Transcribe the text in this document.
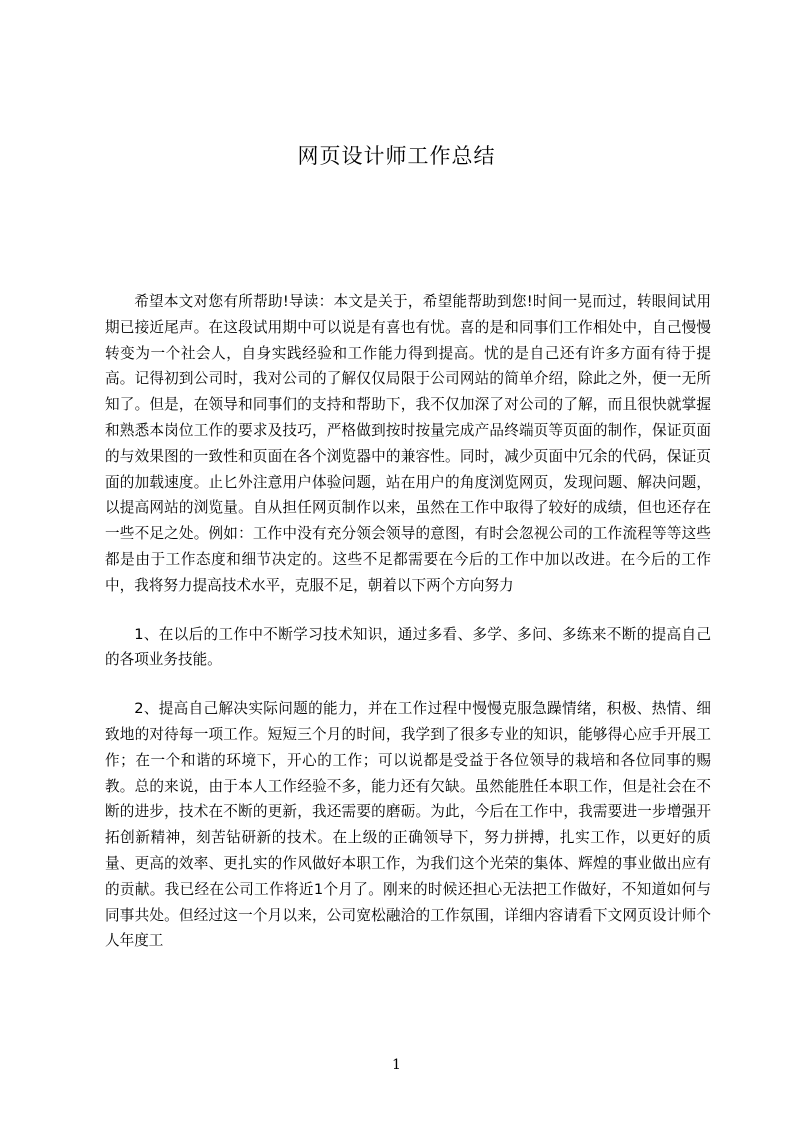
网页设计师工作总结

希望本文对您有所帮助!导读：本文是关于，希望能帮助到您!时间一晃而过，转眼间试用期已接近尾声。在这段试用期中可以说是有喜也有忧。喜的是和同事们工作相处中，自己慢慢转变为一个社会人，自身实践经验和工作能力得到提高。忧的是自己还有许多方面有待于提高。记得初到公司时，我对公司的了解仅仅局限于公司网站的简单介绍，除此之外，便一无所知了。但是，在领导和同事们的支持和帮助下，我不仅加深了对公司的了解，而且很快就掌握和熟悉本岗位工作的要求及技巧，严格做到按时按量完成产品终端页等页面的制作，保证页面的与效果图的一致性和页面在各个浏览器中的兼容性。同时，减少页面中冗余的代码，保证页面的加载速度。止匕外注意用户体验问题，站在用户的角度浏览网页，发现问题、解决问题，以提高网站的浏览量。自从担任网页制作以来，虽然在工作中取得了较好的成绩，但也还存在一些不足之处。例如：工作中没有充分领会领导的意图，有时会忽视公司的工作流程等等这些都是由于工作态度和细节决定的。这些不足都需要在今后的工作中加以改进。在今后的工作中，我将努力提高技术水平，克服不足，朝着以下两个方向努力

1、在以后的工作中不断学习技术知识，通过多看、多学、多问、多练来不断的提高自己的各项业务技能。

2、提高自己解决实际问题的能力，并在工作过程中慢慢克服急躁情绪，积极、热情、细致地的对待每一项工作。短短三个月的时间，我学到了很多专业的知识，能够得心应手开展工作；在一个和谐的环境下，开心的工作；可以说都是受益于各位领导的栽培和各位同事的赐教。总的来说，由于本人工作经验不多，能力还有欠缺。虽然能胜任本职工作，但是社会在不断的进步，技术在不断的更新，我还需要的磨砺。为此，今后在工作中，我需要进一步增强开拓创新精神，刻苦钻研新的技术。在上级的正确领导下，努力拼搏，扎实工作，以更好的质量、更高的效率、更扎实的作风做好本职工作，为我们这个光荣的集体、辉煌的事业做出应有的贡献。我已经在公司工作将近1个月了。刚来的时候还担心无法把工作做好，不知道如何与同事共处。但经过这一个月以来，公司宽松融洽的工作氛围，详细内容请看下文网页设计师个人年度工

1
